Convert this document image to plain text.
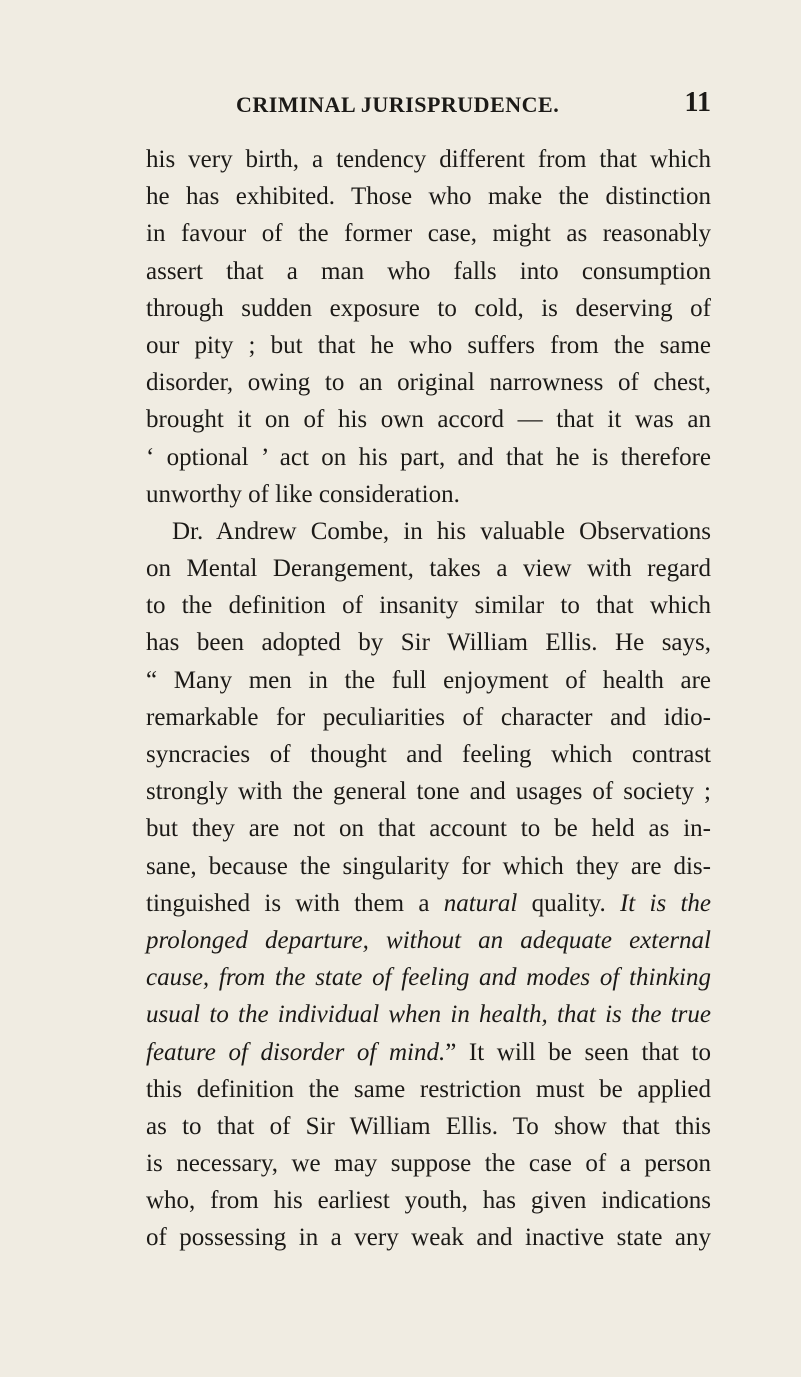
CRIMINAL JURISPRUDENCE.	11
his very birth, a tendency different from that which
he has exhibited. Those who make the distinction
in favour of the former case, might as reasonably
assert that a man who falls into consumption
through sudden exposure to cold, is deserving of
our pity ; but that he who suffers from the same
disorder, owing to an original narrowness of chest,
brought it on of his own accord — that it was an
‘ optional ’ act on his part, and that he is therefore
unworthy of like consideration.
Dr. Andrew Combe, in his valuable Observations
on Mental Derangement, takes a view with regard
to the definition of insanity similar to that which
has been adopted by Sir William Ellis. He says,
“ Many men in the full enjoyment of health are
remarkable for peculiarities of character and idio-
syncracies of thought and feeling which contrast
strongly with the general tone and usages of society ;
but they are not on that account to be held as in-
sane, because the singularity for which they are dis-
tinguished is with them a natural quality. It is the
prolonged departure, without an adequate external
cause, from the state of feeling and modes of thinking
usual to the individual when in health, that is the true
feature of disorder of mind.” It will be seen that to
this definition the same restriction must be applied
as to that of Sir William Ellis. To show that this
is necessary, we may suppose the case of a person
who, from his earliest youth, has given indications
of possessing in a very weak and inactive state any
